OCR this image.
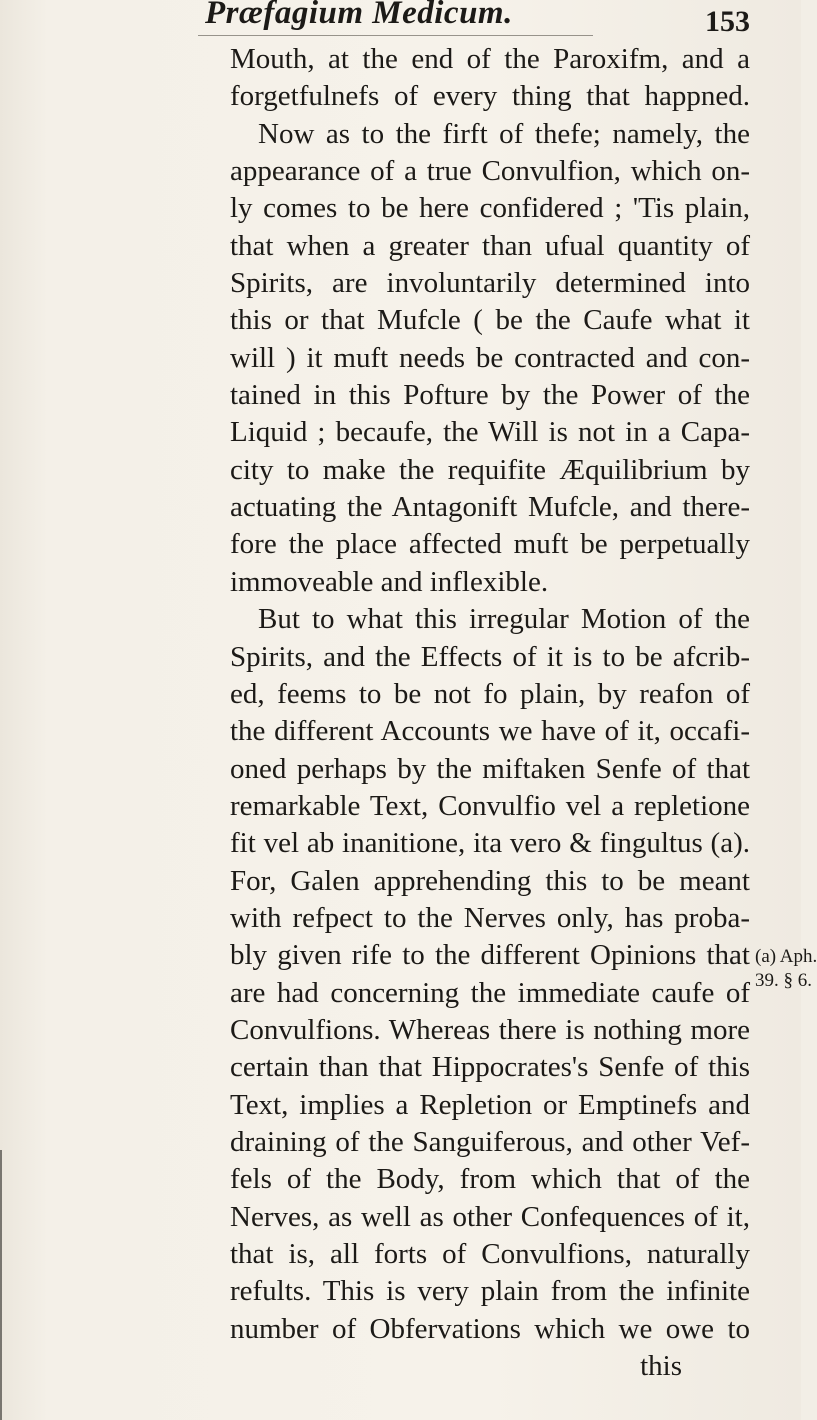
Præfagium Medicum.	153
Mouth, at the end of the Paroxifm, and a
forgetfulnefs of every thing that happned.
Now as to the firft of thefe; namely, the
appearance of a true Convulfion, which on-
ly comes to be here confidered ; 'Tis plain,
that when a greater than ufual quantity of
Spirits, are involuntarily determined into
this or that Mufcle ( be the Caufe what it
will ) it muft needs be contracted and con-
tained in this Pofture by the Power of the
Liquid ; becaufe, the Will is not in a Capa-
city to make the requifite Æquilibrium by
actuating the Antagonift Mufcle, and there-
fore the place affected muft be perpetually
immoveable and inflexible.
But to what this irregular Motion of the
Spirits, and the Effects of it is to be afcrib-
ed, feems to be not fo plain, by reafon of
the different Accounts we have of it, occafi-
oned perhaps by the miftaken Senfe of that
remarkable Text, Convulfio vel a repletione
fit vel ab inanitione, ita vero & fingultus (a).
For, Galen apprehending this to be meant
with refpect to the Nerves only, has proba-
bly given rife to the different Opinions that
are had concerning the immediate caufe of
Convulfions. Whereas there is nothing more
certain than that Hippocrates's Senfe of this
Text, implies a Repletion or Emptinefs and
draining of the Sanguiferous, and other Vef-
fels of the Body, from which that of the
Nerves, as well as other Confequences of it,
that is, all forts of Convulfions, naturally
refults. This is very plain from the infinite
number of Obfervations which we owe to
this
(a) Aph.
39. § 6.
